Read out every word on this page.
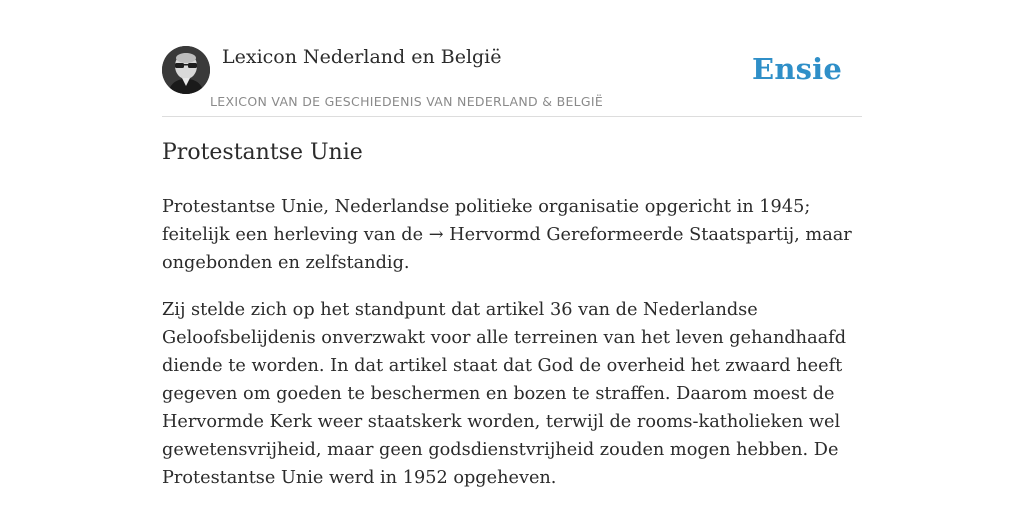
Lexicon Nederland en België
LEXICON VAN DE GESCHIEDENIS VAN NEDERLAND & BELGIË
Ensie
Protestantse Unie

Protestantse Unie, Nederlandse politieke organisatie opgericht in 1945; feitelijk een herleving van de → Hervormd Gereformeerde Staatspartij, maar ongebonden en zelfstandig.

Zij stelde zich op het standpunt dat artikel 36 van de Nederlandse Geloofsbelijdenis onverzwakt voor alle terreinen van het leven gehandhaafd diende te worden. In dat artikel staat dat God de overheid het zwaard heeft gegeven om goeden te beschermen en bozen te straffen. Daarom moest de Hervormde Kerk weer staatskerk worden, terwijl de rooms-katholieken wel gewetensvrijheid, maar geen godsdienstvrijheid zouden mogen hebben. De Protestantse Unie werd in 1952 opgeheven.
